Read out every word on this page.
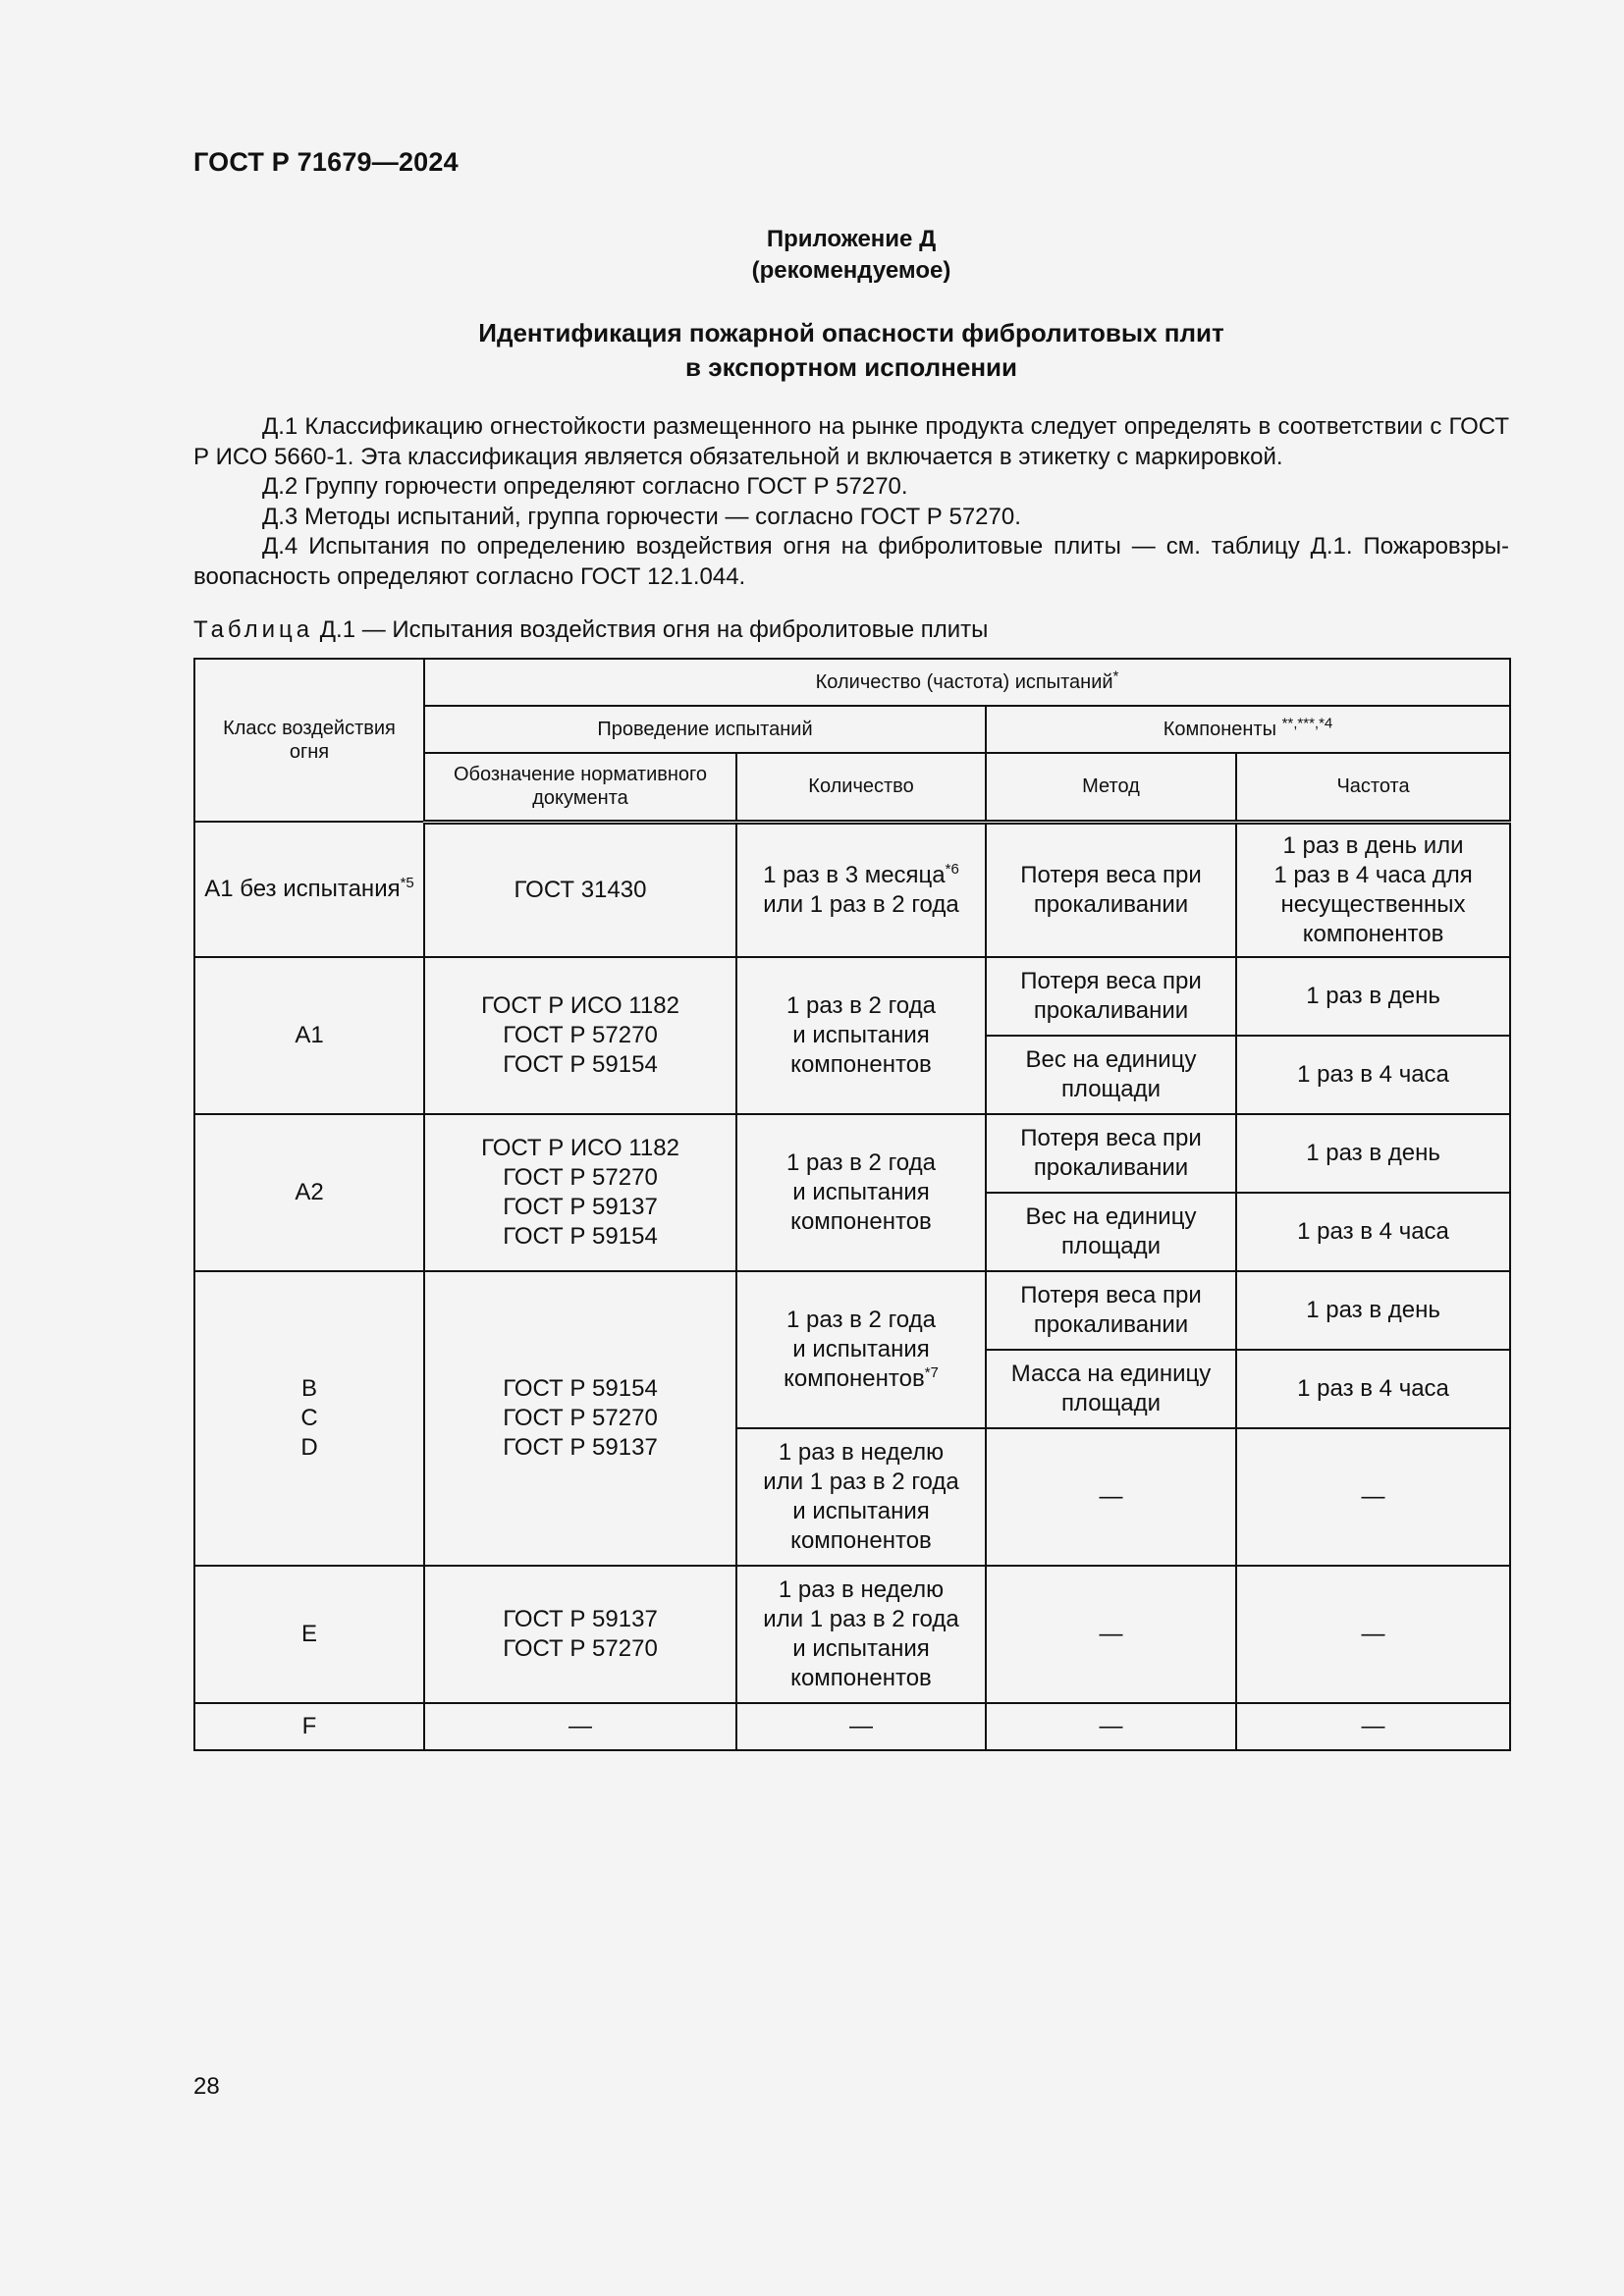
ГОСТ Р 71679—2024
Приложение Д
(рекомендуемое)
Идентификация пожарной опасности фибролитовых плит
в экспортном исполнении

Д.1 Классификацию огнестойкости размещенного на рынке продукта следует определять в соответствии с ГОСТ Р ИСО 5660-1. Эта классификация является обязательной и включается в этикетку с маркировкой.

Д.2 Группу горючести определяют согласно ГОСТ Р 57270.

Д.3 Методы испытаний, группа горючести — согласно ГОСТ Р 57270.

Д.4 Испытания по определению воздействия огня на фибролитовые плиты — см. таблицу Д.1. Пожаровзры-воопасность определяют согласно ГОСТ 12.1.044.

Таблица Д.1 — Испытания воздействия огня на фибролитовые плиты
Класс воздействия огня	Количество (частота) испытаний*
	Проведение испытаний		Компоненты $^{**,***,*4}$
	Обозначение нормативного документа	Количество	Метод	Частота
А1 без испытания$^{*5}$	ГОСТ 31430	1 раз в 3 месяца$^{*6}$
или 1 раз в 2 года	Потеря веса при прокаливании	1 раз в день или
1 раз в 4 часа для несущественных компонентов
А1	ГОСТ Р ИСО 1182
ГОСТ Р 57270
ГОСТ Р 59154	1 раз в 2 года
и испытания компонентов	Потеря веса при прокаливании	1 раз в день
			Вес на единицу площади	1 раз в 4 часа
А2	ГОСТ Р ИСО 1182
ГОСТ Р 57270
ГОСТ Р 59137
ГОСТ Р 59154	1 раз в 2 года
и испытания компонентов	Потеря веса при прокаливании	1 раз в день
			Вес на единицу площади	1 раз в 4 часа
B
C
D	ГОСТ Р 59154
ГОСТ Р 57270
ГОСТ Р 59137	1 раз в 2 года
и испытания компонентов$^{*7}$	Потеря веса при прокаливании	1 раз в день
			Масса на единицу площади	1 раз в 4 часа
		1 раз в неделю
или 1 раз в 2 года
и испытания компонентов	—	—
E	ГОСТ Р 59137
ГОСТ Р 57270	1 раз в неделю
или 1 раз в 2 года
и испытания компонентов	—	—
F	—	—	—	—
28
